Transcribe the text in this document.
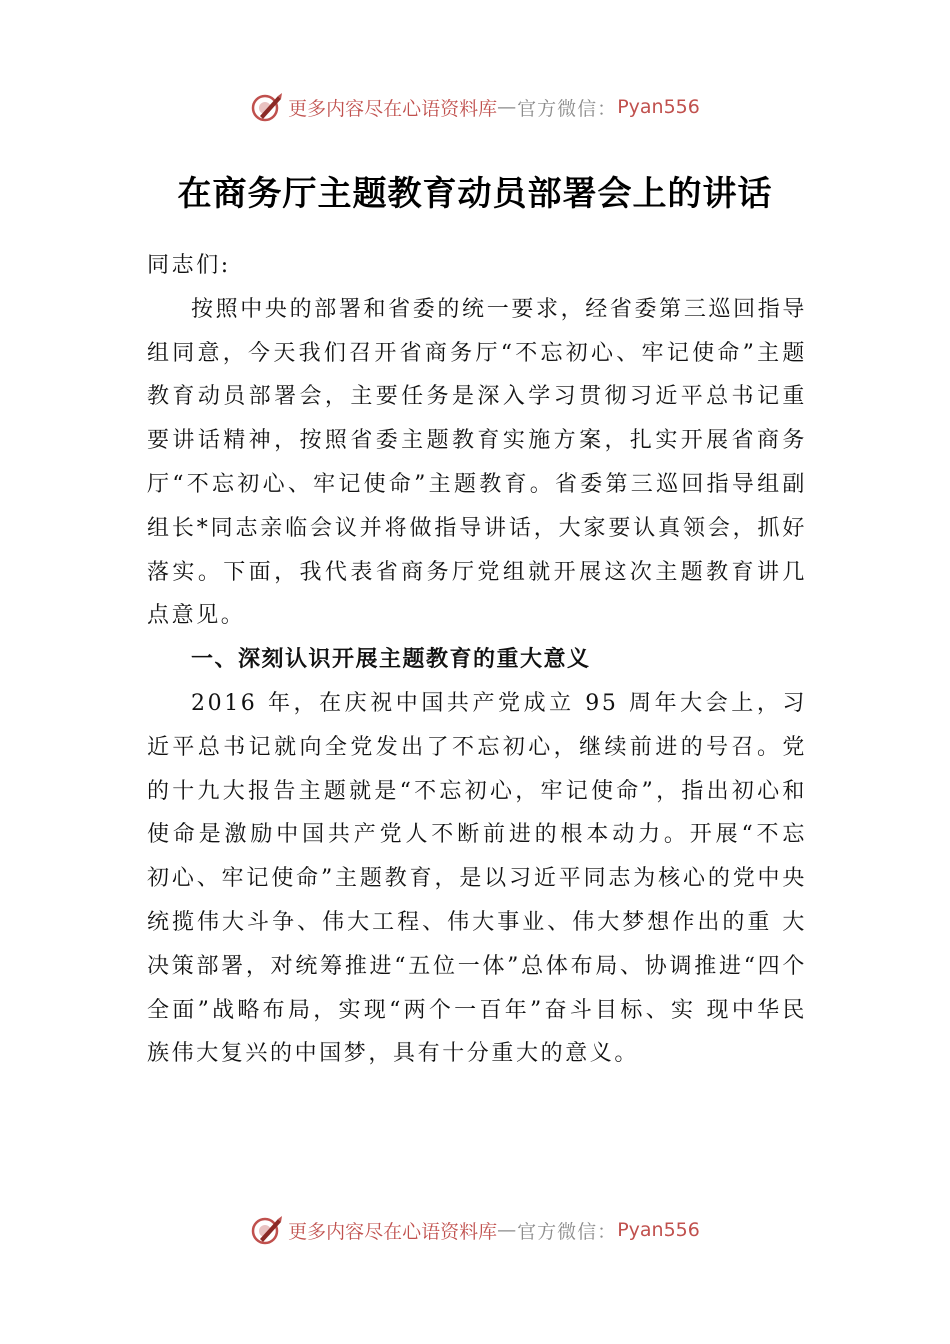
更多内容尽在心语资料库 — 官方微信： Pyan556
在商务厅主题教育动员部署会上的讲话

同志们:

按照中央的部署和省委的统一要求，经省委第三巡回指导组同意，今天我们召开省商务厅“不忘初心、牢记使命”主题教育动员部署会，主要任务是深入学习贯彻习近平总书记重要讲话精神，按照省委主题教育实施方案，扎实开展省商务厅“不忘初心、牢记使命”主题教育。省委第三巡回指导组副组长*同志亲临会议并将做指导讲话，大家要认真领会，抓好落实。下面，我代表省商务厅党组就开展这次主题教育讲几点意见。

一、深刻认识开展主题教育的重大意义

2016 年，在庆祝中国共产党成立 95 周年大会上，习近平总书记就向全党发出了不忘初心，继续前进的号召。党的十九大报告主题就是“不忘初心，牢记使命”，指出初心和使命是激励中国共产党人不断前进的根本动力。开展“不忘 初心、牢记使命”主题教育，是以习近平同志为核心的党中央统揽伟大斗争、伟大工程、伟大事业、伟大梦想作出的重 大决策部署，对统筹推进“五位一体”总体布局、协调推进“四个全面”战略布局，实现“两个一百年”奋斗目标、实 现中华民族伟大复兴的中国梦，具有十分重大的意义。

更多内容尽在心语资料库 — 官方微信： Pyan556
